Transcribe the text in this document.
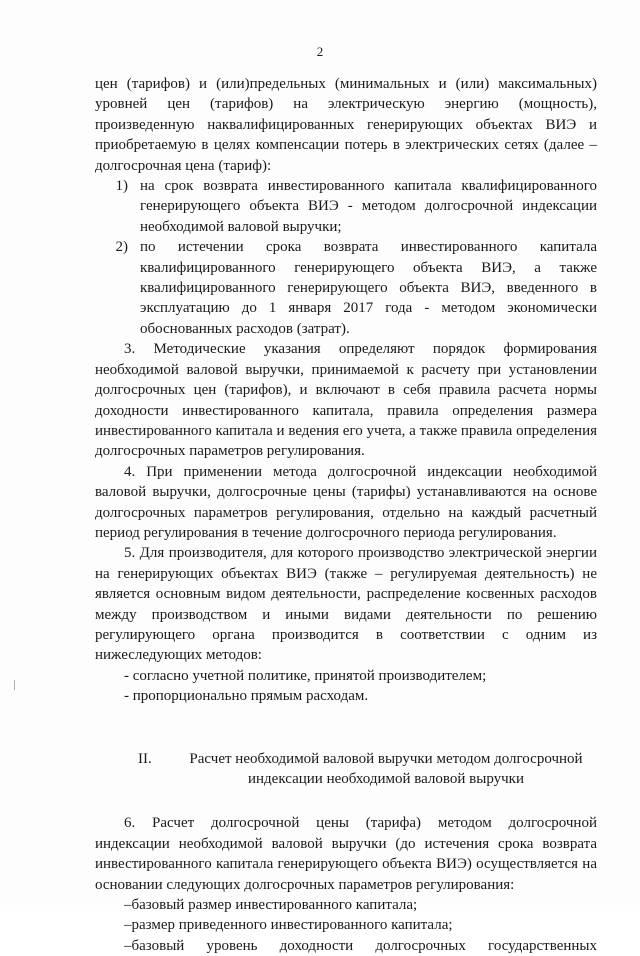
2

цен (тарифов) и (или)предельных (минимальных и (или) максимальных) уровней цен (тарифов) на электрическую энергию (мощность), произведенную наквалифицированных генерирующих объектах ВИЭ и приобретаемую в целях компенсации потерь в электрических сетях (далее – долгосрочная цена (тариф):

1) на срок возврата инвестированного капитала квалифицированного генерирующего объекта ВИЭ - методом долгосрочной индексации необходимой валовой выручки;
2) по истечении срока возврата инвестированного капитала квалифицированного генерирующего объекта ВИЭ, а также квалифицированного генерирующего объекта ВИЭ, введенного в эксплуатацию до 1 января 2017 года - методом экономически обоснованных расходов (затрат).

3. Методические указания определяют порядок формирования необходимой валовой выручки, принимаемой к расчету при установлении долгосрочных цен (тарифов), и включают в себя правила расчета нормы доходности инвестированного капитала, правила определения размера инвестированного капитала и ведения его учета, а также правила определения долгосрочных параметров регулирования.

4. При применении метода долгосрочной индексации необходимой валовой выручки, долгосрочные цены (тарифы) устанавливаются на основе долгосрочных параметров регулирования, отдельно на каждый расчетный период регулирования в течение долгосрочного периода регулирования.

5. Для производителя, для которого производство электрической энергии на генерирующих объектах ВИЭ (также – регулируемая деятельность) не является основным видом деятельности, распределение косвенных расходов между производством и иными видами деятельности по решению регулирующего органа производится в соответствии с одним из нижеследующих методов:

- согласно учетной политике, принятой производителем;

- пропорционально прямым расходам.

II.	Расчет необходимой валовой выручки методом долгосрочной
индексации необходимой валовой выручки

6. Расчет долгосрочной цены (тарифа) методом долгосрочной индексации необходимой валовой выручки (до истечения срока возврата инвестированного капитала генерирующего объекта ВИЭ) осуществляется на основании следующих долгосрочных параметров регулирования:

–базовый размер инвестированного капитала;

–размер приведенного инвестированного капитала;

–базовый уровень доходности долгосрочных государственных
